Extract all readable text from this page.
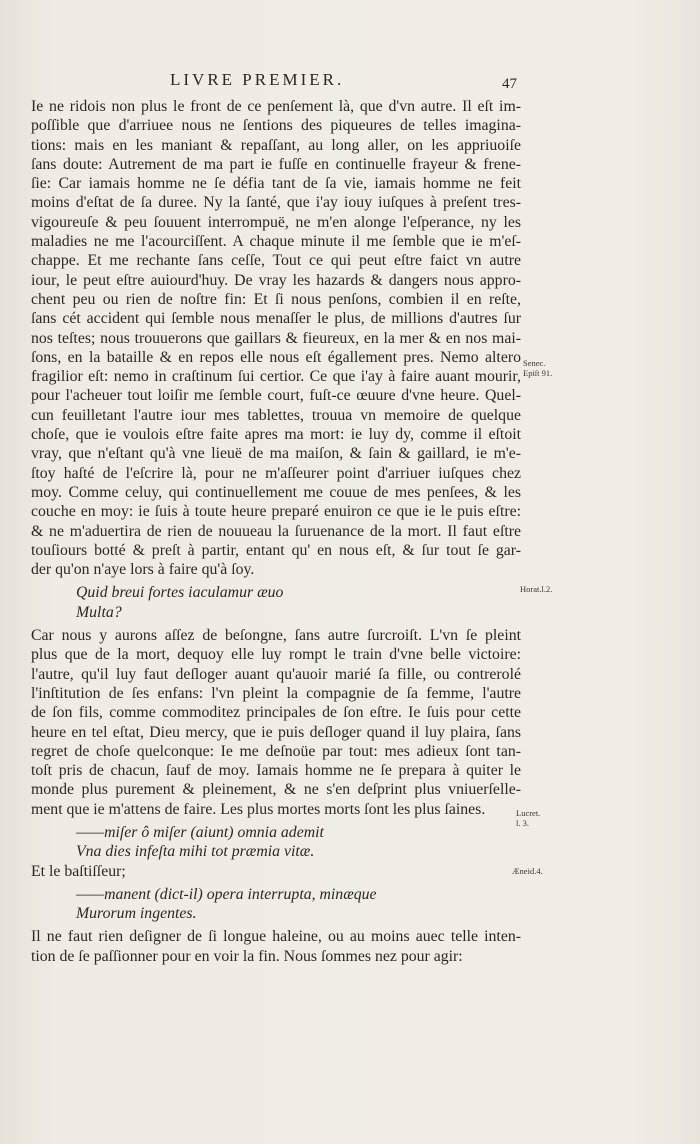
LIVRE PREMIER.	47
Ie ne ridois non plus le front de ce penſement là, que d'vn autre. Il eſt im-
poſſible que d'arriuee nous ne ſentions des piqueures de telles imagina-
tions: mais en les maniant & repaſſant, au long aller, on les appriuoiſe
ſans doute: Autrement de ma part ie fuſſe en continuelle frayeur & frene-
ſie: Car iamais homme ne ſe défia tant de ſa vie, iamais homme ne feit
moins d'eſtat de ſa duree. Ny la ſanté, que i'ay iouy iuſques à preſent tres-
vigoureuſe & peu ſouuent interrompuë, ne m'en alonge l'eſperance, ny les
maladies ne me l'acourciſſent. A chaque minute il me ſemble que ie m'eſ-
chappe. Et me rechante ſans ceſſe, Tout ce qui peut eſtre faict vn autre
iour, le peut eſtre auiourd'huy. De vray les hazards & dangers nous appro-
chent peu ou rien de noſtre fin: Et ſi nous penſons, combien il en reſte,
ſans cét accident qui ſemble nous menaſſer le plus, de millions d'autres ſur
nos teſtes; nous trouuerons que gaillars & fieureux, en la mer & en nos mai-
ſons, en la bataille & en repos elle nous eſt égallement pres. Nemo altero
fragilior eſt: nemo in craſtinum ſui certior. Ce que i'ay à faire auant mourir,
pour l'acheuer tout loiſir me ſemble court, fuſt-ce œuure d'vne heure. Quel-
cun feuilletant l'autre iour mes tablettes, trouua vn memoire de quelque
choſe, que ie voulois eſtre faite apres ma mort: ie luy dy, comme il eſtoit
vray, que n'eſtant qu'à vne lieuë de ma maiſon, & ſain & gaillard, ie m'e-
ſtoy haſté de l'eſcrire là, pour ne m'aſſeurer point d'arriuer iuſques chez
moy. Comme celuy, qui continuellement me couue de mes penſees, & les
couche en moy: ie ſuis à toute heure preparé enuiron ce que ie le puis eſtre:
& ne m'aduertira de rien de nouueau la ſuruenance de la mort. Il faut eſtre
touſiours botté & preſt à partir, entant qu' en nous eſt, & ſur tout ſe gar-
der qu'on n'aye lors à faire qu'à ſoy.
Quid breui fortes iaculamur æuo
Multa?
Car nous y aurons aſſez de beſongne, ſans autre ſurcroiſt. L'vn ſe pleint
plus que de la mort, dequoy elle luy rompt le train d'vne belle victoire:
l'autre, qu'il luy faut deſloger auant qu'auoir marié ſa fille, ou contrerolé
l'inſtitution de ſes enfans: l'vn pleint la compagnie de ſa femme, l'autre
de ſon fils, comme commoditez principales de ſon eſtre. Ie ſuis pour cette
heure en tel eſtat, Dieu mercy, que ie puis deſloger quand il luy plaira, ſans
regret de choſe quelconque: Ie me deſnoüe par tout: mes adieux ſont tan-
toſt pris de chacun, ſauf de moy. Iamais homme ne ſe prepara à quiter le
monde plus purement & pleinement, & ne s'en deſprint plus vniuerſelle-
ment que ie m'attens de faire. Les plus mortes morts ſont les plus ſaines.
——miſer ô miſer (aiunt) omnia ademit
Vna dies infeſta mihi tot præmia vitæ.
Et le baſtiſſeur;
——manent (dict-il) opera interrupta, minæque
Murorum ingentes.
Il ne faut rien deſigner de ſi longue haleine, ou au moins auec telle inten-
tion de ſe paſſionner pour en voir la fin. Nous ſommes nez pour agir:
Senec.
Epiſt 91.
Horat.l.2.
Lucret.
l. 3.
Æneid.4.
